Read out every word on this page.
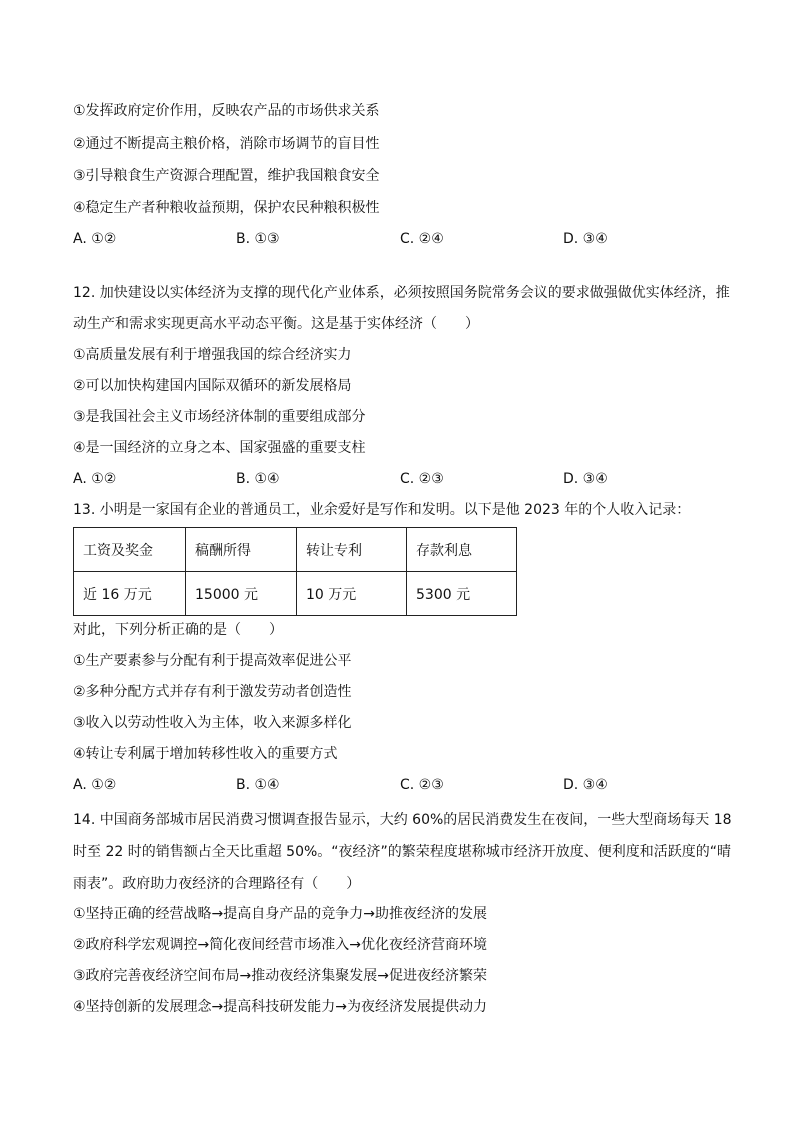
①发挥政府定价作用，反映农产品的市场供求关系
②通过不断提高主粮价格，消除市场调节的盲目性
③引导粮食生产资源合理配置，维护我国粮食安全
④稳定生产者种粮收益预期，保护农民种粮积极性
A. ①②	B. ①③	C. ②④	D. ③④
12. 加快建设以实体经济为支撑的现代化产业体系，必须按照国务院常务会议的要求做强做优实体经济，推
动生产和需求实现更高水平动态平衡。这是基于实体经济（　　）
①高质量发展有利于增强我国的综合经济实力
②可以加快构建国内国际双循环的新发展格局
③是我国社会主义市场经济体制的重要组成部分
④是一国经济的立身之本、国家强盛的重要支柱
A. ①②	B. ①④	C. ②③	D. ③④
13. 小明是一家国有企业的普通员工，业余爱好是写作和发明。以下是他 2023 年的个人收入记录：
工资及奖金	稿酬所得	转让专利	存款利息
近 16 万元	15000 元	10 万元	5300 元
对此，下列分析正确的是（　　）
①生产要素参与分配有利于提高效率促进公平
②多种分配方式并存有利于激发劳动者创造性
③收入以劳动性收入为主体，收入来源多样化
④转让专利属于增加转移性收入的重要方式
A. ①②	B. ①④	C. ②③	D. ③④
14. 中国商务部城市居民消费习惯调查报告显示，大约 60%的居民消费发生在夜间，一些大型商场每天 18
时至 22 时的销售额占全天比重超 50%。“夜经济”的繁荣程度堪称城市经济开放度、便利度和活跃度的“晴
雨表”。政府助力夜经济的合理路径有（　　）
①坚持正确的经营战略→提高自身产品的竞争力→助推夜经济的发展
②政府科学宏观调控→简化夜间经营市场准入→优化夜经济营商环境
③政府完善夜经济空间布局→推动夜经济集聚发展→促进夜经济繁荣
④坚持创新的发展理念→提高科技研发能力→为夜经济发展提供动力
